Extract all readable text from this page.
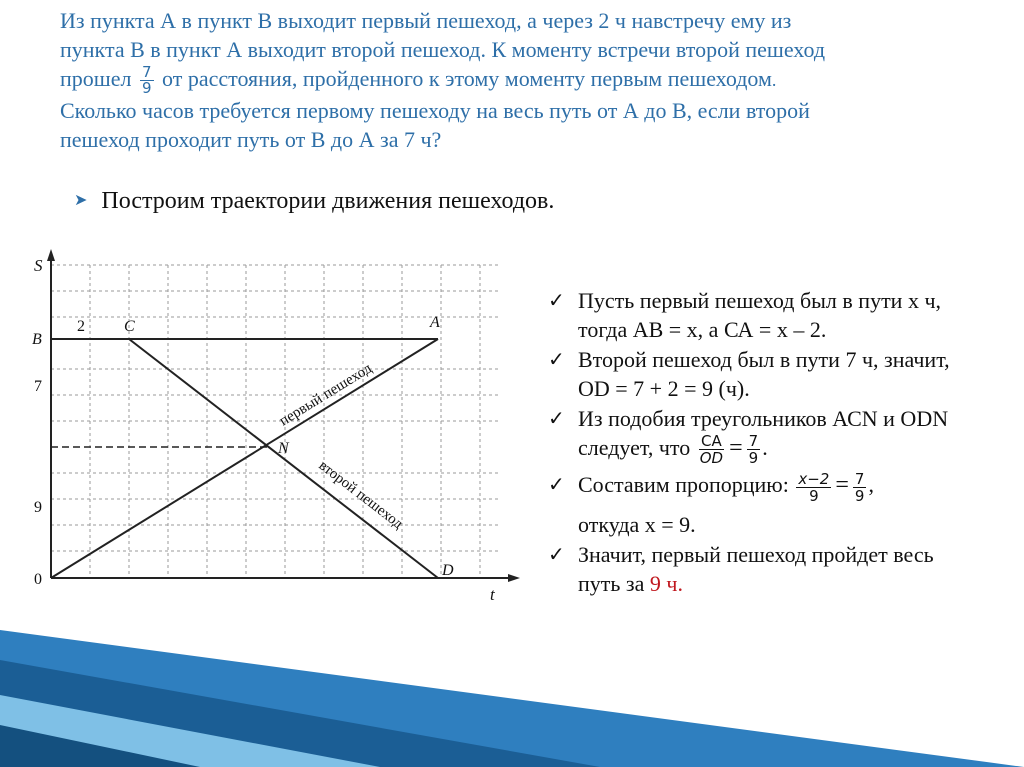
Из пункта А в пункт В выходит первый пешеход, а через 2 ч навстречу ему из
пункта В в пункт А выходит второй пешеход. К моменту встречи второй пешеход
прошел $\frac{7}{9}$ от расстояния, пройденного к этому моменту первым пешеходом.
Сколько часов требуется первому пешеходу на весь путь от А до В, если второй
пешеход проходит путь от В до А за 7 ч?
➤ Построим траектории движения пешеходов.
S
t
B
7
9
0
2 C	A
N
D
первый пешеход
второй пешеход
✓ Пусть первый пешеход был в пути х ч, тогда АВ = х, а СА = х – 2.
✓ Второй пешеход был в пути 7 ч, значит, OD = 7 + 2 = 9 (ч).
✓ Из подобия треугольников АСN и ODN следует, что $\frac{CA}{OD} = \frac{7}{9}$ .
✓ Составим пропорцию: $\frac{x-2}{9} = \frac{7}{9}$ ,
откуда х = 9.
✓ Значит, первый пешеход пройдет весь путь за 9 ч.
